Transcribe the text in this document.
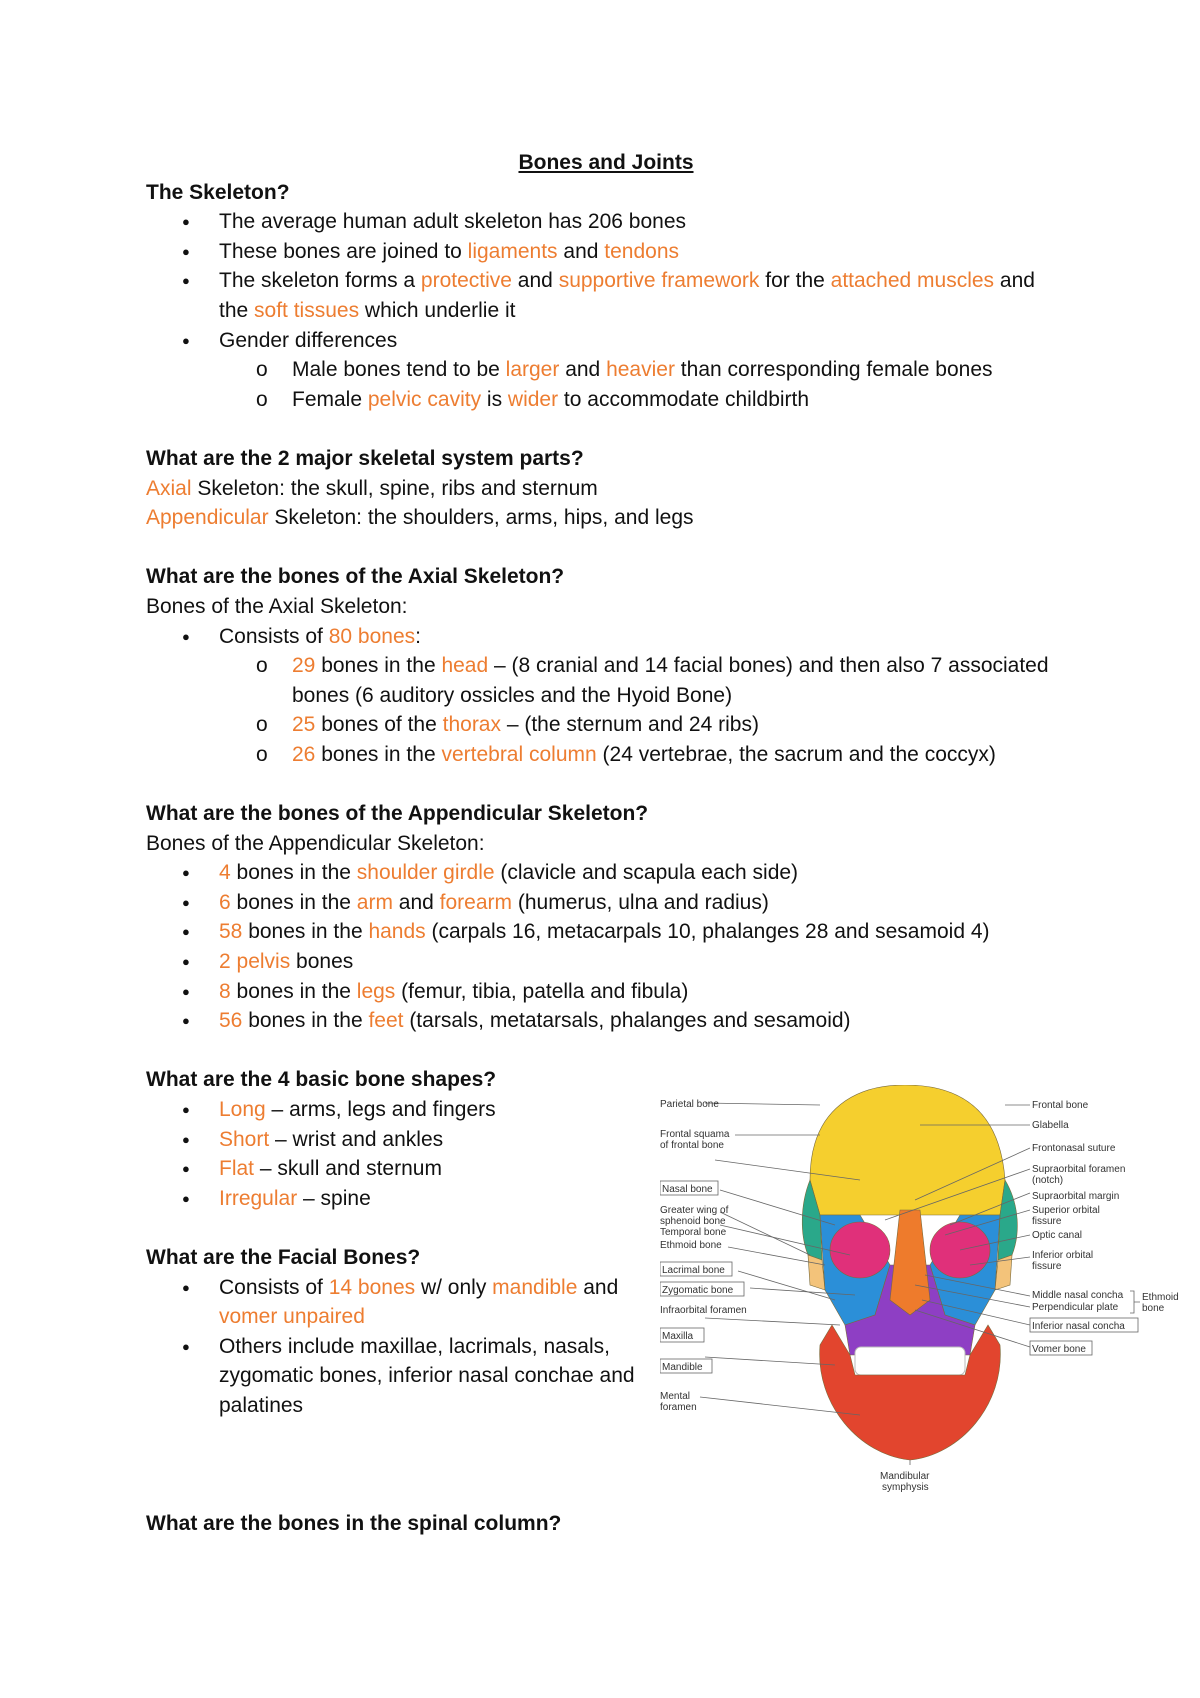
Bones and Joints

The Skeleton?

● The average human adult skeleton has 206 bones
● These bones are joined to ligaments and tendons
● The skeleton forms a protective and supportive framework for the attached muscles and the soft tissues which underlie it
● Gender differences
o Male bones tend to be larger and heavier than corresponding female bones
o Female pelvic cavity is wider to accommodate childbirth

What are the 2 major skeletal system parts?

Axial Skeleton: the skull, spine, ribs and sternum

Appendicular Skeleton: the shoulders, arms, hips, and legs

What are the bones of the Axial Skeleton?

Bones of the Axial Skeleton:

● Consists of 80 bones:
o 29 bones in the head – (8 cranial and 14 facial bones) and then also 7 associated bones (6 auditory ossicles and the Hyoid Bone)
o 25 bones of the thorax – (the sternum and 24 ribs)
o 26 bones in the vertebral column (24 vertebrae, the sacrum and the coccyx)

What are the bones of the Appendicular Skeleton?

Bones of the Appendicular Skeleton:

● 4 bones in the shoulder girdle (clavicle and scapula each side)
● 6 bones in the arm and forearm (humerus, ulna and radius)
● 58 bones in the hands (carpals 16, metacarpals 10, phalanges 28 and sesamoid 4)
● 2 pelvis bones
● 8 bones in the legs (femur, tibia, patella and fibula)
● 56 bones in the feet (tarsals, metatarsals, phalanges and sesamoid)

What are the 4 basic bone shapes?

● Long – arms, legs and fingers
● Short – wrist and ankles
● Flat – skull and sternum
● Irregular – spine

What are the Facial Bones?

● Consists of 14 bones w/ only mandible and vomer unpaired
● Others include maxillae, lacrimals, nasals, zygomatic bones, inferior nasal conchae and palatines

What are the bones in the spinal column?

Parietal bone
Frontal squama
of frontal bone
Nasal bone
Greater wing of
sphenoid bone
Temporal bone
Ethmoid bone
Lacrimal bone
Zygomatic bone
Infraorbital foramen
Maxilla
Mandible
Mental
foramen
Frontal bone
Glabella
Frontonasal suture
Supraorbital foramen
(notch)
Supraorbital margin
Superior orbital
fissure
Optic canal
Inferior orbital
fissure
Middle nasal concha
Perpendicular plate
Ethmoid
bone
Inferior nasal concha
Vomer bone
Mandibular
symphysis
